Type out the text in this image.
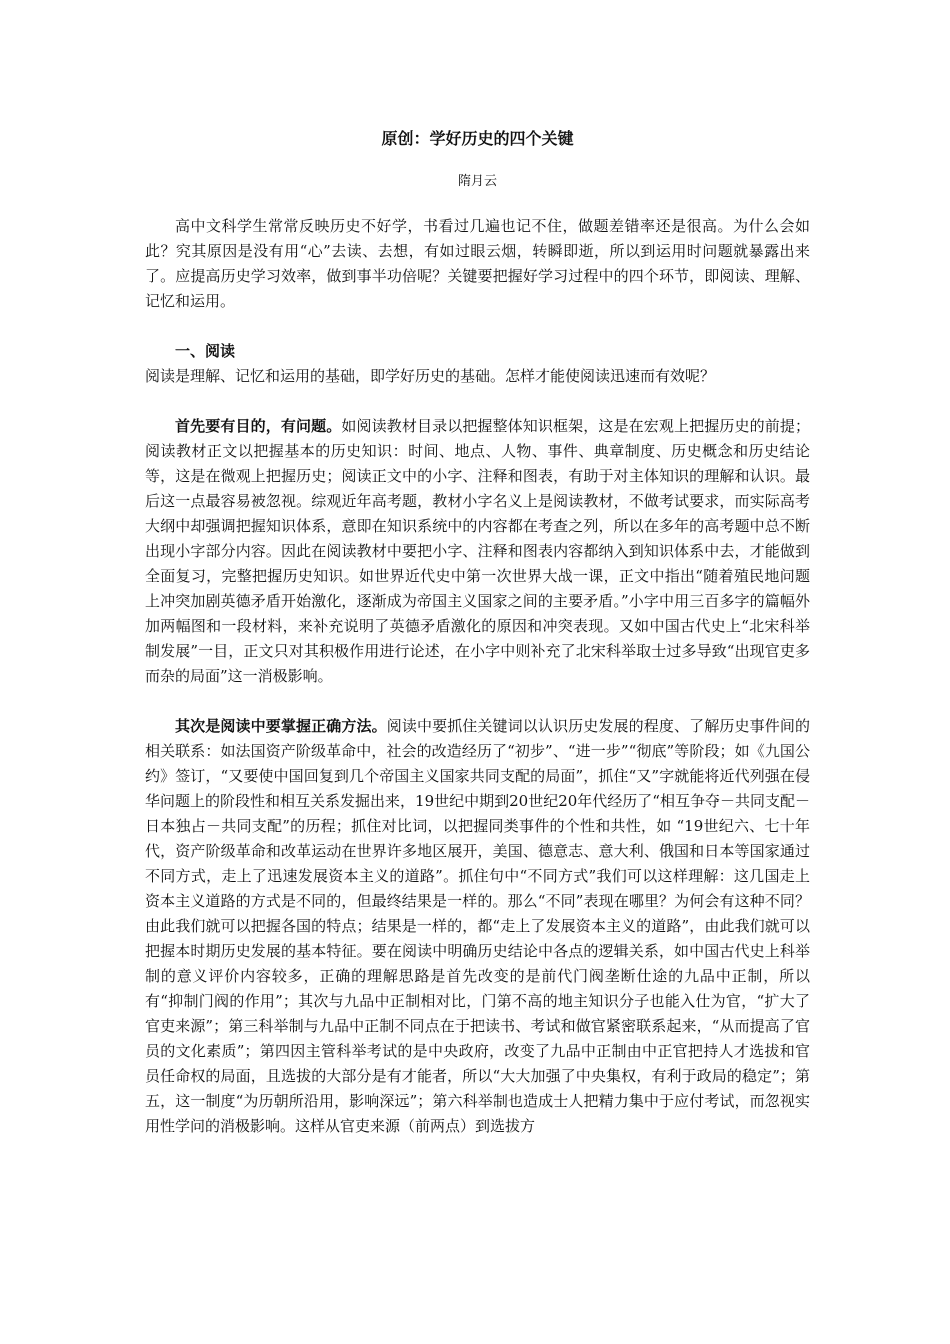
原创：学好历史的四个关键
隋月云

高中文科学生常常反映历史不好学，书看过几遍也记不住，做题差错率还是很高。为什么会如此？究其原因是没有用“心”去读、去想，有如过眼云烟，转瞬即逝，所以到运用时问题就暴露出来了。应提高历史学习效率，做到事半功倍呢？关键要把握好学习过程中的四个环节，即阅读、理解、记忆和运用。

一、阅读

阅读是理解、记忆和运用的基础，即学好历史的基础。怎样才能使阅读迅速而有效呢？

首先要有目的，有问题。如阅读教材目录以把握整体知识框架，这是在宏观上把握历史的前提；阅读教材正文以把握基本的历史知识：时间、地点、人物、事件、典章制度、历史概念和历史结论等，这是在微观上把握历史；阅读正文中的小字、注释和图表，有助于对主体知识的理解和认识。最后这一点最容易被忽视。综观近年高考题，教材小字名义上是阅读教材，不做考试要求，而实际高考大纲中却强调把握知识体系，意即在知识系统中的内容都在考查之列，所以在多年的高考题中总不断出现小字部分内容。因此在阅读教材中要把小字、注释和图表内容都纳入到知识体系中去，才能做到全面复习，完整把握历史知识。如世界近代史中第一次世界大战一课，正文中指出“随着殖民地问题上冲突加剧英德矛盾开始激化，逐渐成为帝国主义国家之间的主要矛盾。”小字中用三百多字的篇幅外加两幅图和一段材料，来补充说明了英德矛盾激化的原因和冲突表现。又如中国古代史上“北宋科举制发展”一目，正文只对其积极作用进行论述，在小字中则补充了北宋科举取士过多导致“出现官吏多而杂的局面”这一消极影响。

其次是阅读中要掌握正确方法。阅读中要抓住关键词以认识历史发展的程度、了解历史事件间的相关联系：如法国资产阶级革命中，社会的改造经历了“初步”、“进一步”“彻底”等阶段；如《九国公约》签订，“又要使中国回复到几个帝国主义国家共同支配的局面”，抓住“又”字就能将近代列强在侵华问题上的阶段性和相互关系发掘出来，19世纪中期到20世纪20年代经历了“相互争夺－共同支配－日本独占－共同支配”的历程；抓住对比词，以把握同类事件的个性和共性，如 “19世纪六、七十年代，资产阶级革命和改革运动在世界许多地区展开，美国、德意志、意大利、俄国和日本等国家通过不同方式，走上了迅速发展资本主义的道路”。抓住句中“不同方式”我们可以这样理解：这几国走上资本主义道路的方式是不同的，但最终结果是一样的。那么“不同”表现在哪里？为何会有这种不同？由此我们就可以把握各国的特点；结果是一样的，都“走上了发展资本主义的道路”，由此我们就可以把握本时期历史发展的基本特征。要在阅读中明确历史结论中各点的逻辑关系，如中国古代史上科举制的意义评价内容较多，正确的理解思路是首先改变的是前代门阀垄断仕途的九品中正制，所以有“抑制门阀的作用”；其次与九品中正制相对比，门第不高的地主知识分子也能入仕为官，“扩大了官吏来源”；第三科举制与九品中正制不同点在于把读书、考试和做官紧密联系起来，“从而提高了官员的文化素质”；第四因主管科举考试的是中央政府，改变了九品中正制由中正官把持人才选拔和官员任命权的局面，且选拔的大部分是有才能者，所以“大大加强了中央集权，有利于政局的稳定”；第五，这一制度“为历朝所沿用，影响深远”；第六科举制也造成士人把精力集中于应付考试，而忽视实用性学问的消极影响。这样从官吏来源（前两点）到选拔方
